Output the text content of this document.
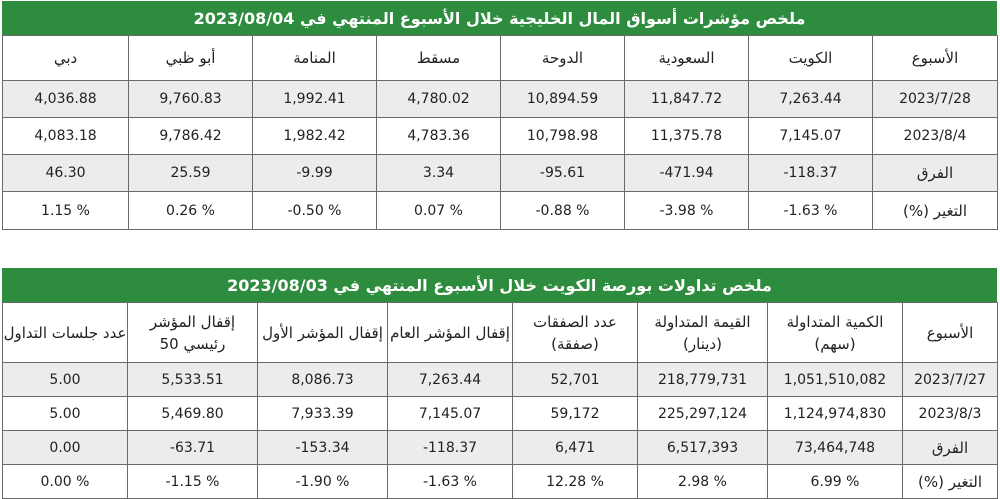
ملخص مؤشرات أسواق المال الخليجية خلال الأسبوع المنتهي في 2023/08/04
الأسبوع	الكويت	السعودية	الدوحة	مسقط	المنامة	أبو ظبي	دبي
2023/7/28	7,263.44	11,847.72	10,894.59	4,780.02	1,992.41	9,760.83	4,036.88
2023/8/4	7,145.07	11,375.78	10,798.98	4,783.36	1,982.42	9,786.42	4,083.18
الفرق	-118.37	-471.94	-95.61	3.34	-9.99	25.59	46.30
التغير (%)	-1.63 %	-3.98 %	-0.88 %	0.07 %	-0.50 %	0.26 %	1.15 %
ملخص تداولات بورصة الكويت خلال الأسبوع المنتهي في 2023/08/03
الأسبوع	الكمية المتداولة (سهم)	القيمة المتداولة (دينار)	عدد الصفقات (صفقة)	إقفال المؤشر العام	إقفال المؤشر الأول	إقفال المؤشر رئيسي 50	عدد جلسات التداول
2023/7/27	1,051,510,082	218,779,731	52,701	7,263.44	8,086.73	5,533.51	5.00
2023/8/3	1,124,974,830	225,297,124	59,172	7,145.07	7,933.39	5,469.80	5.00
الفرق	73,464,748	6,517,393	6,471	-118.37	-153.34	-63.71	0.00
التغير (%)	6.99 %	2.98 %	12.28 %	-1.63 %	-1.90 %	-1.15 %	0.00 %
